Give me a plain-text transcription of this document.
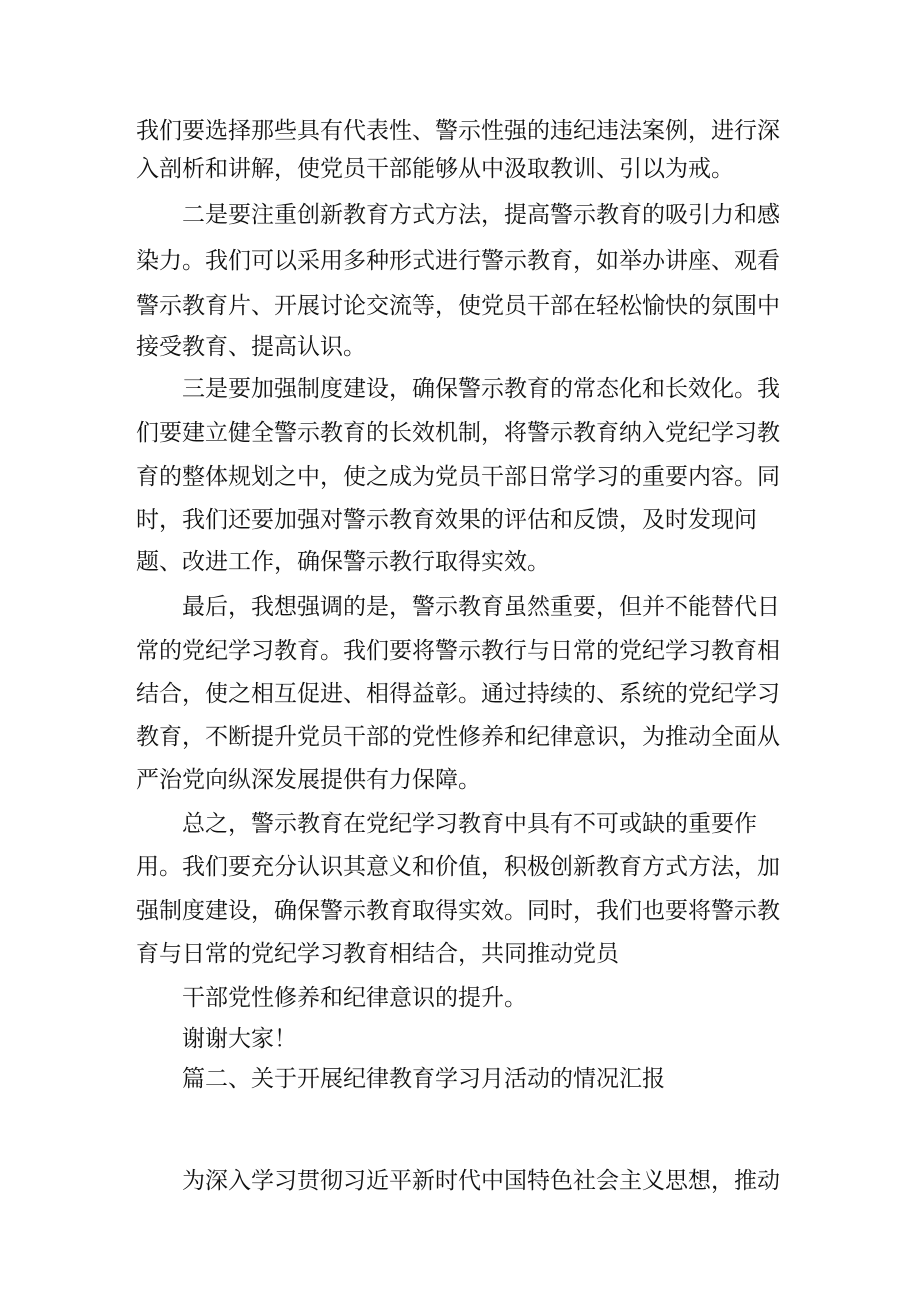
我们要选择那些具有代表性、警示性强的违纪违法案例，进行深
入剖析和讲解，使党员干部能够从中汲取教训、引以为戒。
二是要注重创新教育方式方法，提高警示教育的吸引力和感
染力。我们可以采用多种形式进行警示教育，如举办讲座、观看
警示教育片、开展讨论交流等，使党员干部在轻松愉快的氛围中
接受教育、提高认识。
三是要加强制度建设，确保警示教育的常态化和长效化。我
们要建立健全警示教育的长效机制，将警示教育纳入党纪学习教
育的整体规划之中，使之成为党员干部日常学习的重要内容。同
时，我们还要加强对警示教育效果的评估和反馈，及时发现问
题、改进工作，确保警示教行取得实效。
最后，我想强调的是，警示教育虽然重要，但并不能替代日
常的党纪学习教育。我们要将警示教行与日常的党纪学习教育相
结合，使之相互促进、相得益彰。通过持续的、系统的党纪学习
教育，不断提升党员干部的党性修养和纪律意识，为推动全面从
严治党向纵深发展提供有力保障。
总之，警示教育在党纪学习教育中具有不可或缺的重要作
用。我们要充分认识其意义和价值，积极创新教育方式方法，加
强制度建设，确保警示教育取得实效。同时，我们也要将警示教
育与日常的党纪学习教育相结合，共同推动党员
干部党性修养和纪律意识的提升。
谢谢大家！
篇二、关于开展纪律教育学习月活动的情况汇报
为深入学习贯彻习近平新时代中国特色社会主义思想，推动
